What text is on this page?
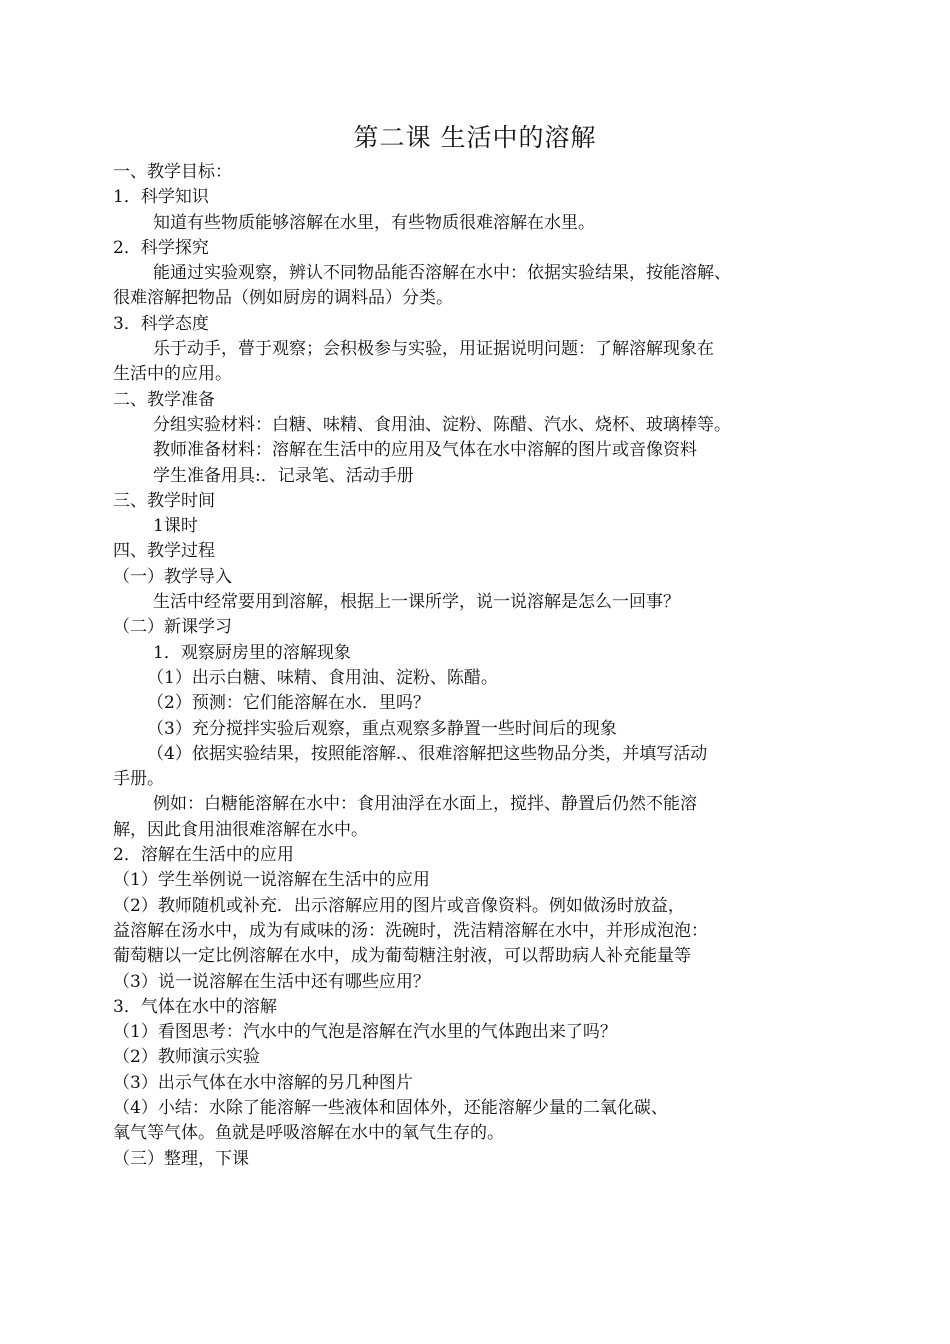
第二课 生活中的溶解
一、教学目标：
1．科学知识
知道有些物质能够溶解在水里，有些物质很难溶解在水里。
2．科学探究
能通过实验观察，辨认不同物品能否溶解在水中：依据实验结果，按能溶解、
很难溶解把物品（例如厨房的调料品）分类。
3．科学态度
乐于动手，瞢于观察；会积极参与实验，用证据说明问题：了解溶解现象在
生活中的应用。
二、教学准备
分组实验材料：白糖、味精、食用油、淀粉、陈醋、汽水、烧杯、玻璃棒等。
教师准备材料：溶解在生活中的应用及气体在水中溶解的图片或音像资料
学生准备用具:．记录笔、活动手册
三、教学时间
1课时
四、教学过程
（一）教学导入
生活中经常要用到溶解，根据上一课所学，说一说溶解是怎么一回事？
（二）新课学习
1．观察厨房里的溶解现象
（1）出示白糖、味精、食用油、淀粉、陈醋。
（2）预测：它们能溶解在水．里吗？
（3）充分搅拌实验后观察，重点观察多静置一些时间后的现象
（4）依据实验结果，按照能溶解.、很难溶解把这些物品分类，并填写活动
手册。
例如：白糖能溶解在水中：食用油浮在水面上，搅拌、静置后仍然不能溶
解，因此食用油很难溶解在水中。
2．溶解在生活中的应用
（1）学生举例说一说溶解在生活中的应用
（2）教师随机或补充．出示溶解应用的图片或音像资料。例如做汤时放益，
益溶解在汤水中，成为有咸味的汤：洗碗时，洗洁精溶解在水中，并形成泡泡：
葡萄糖以一定比例溶解在水中，成为葡萄糖注射液，可以帮助病人补充能量等
（3）说一说溶解在生活中还有哪些应用？
3．气体在水中的溶解
（1）看图思考：汽水中的气泡是溶解在汽水里的气体跑出来了吗？
（2）教师演示实验
（3）出示气体在水中溶解的另几种图片
（4）小结：水除了能溶解一些液体和固体外，还能溶解少量的二氧化碳、
氧气等气体。鱼就是呼吸溶解在水中的氧气生存的。
（三）整理，下课
